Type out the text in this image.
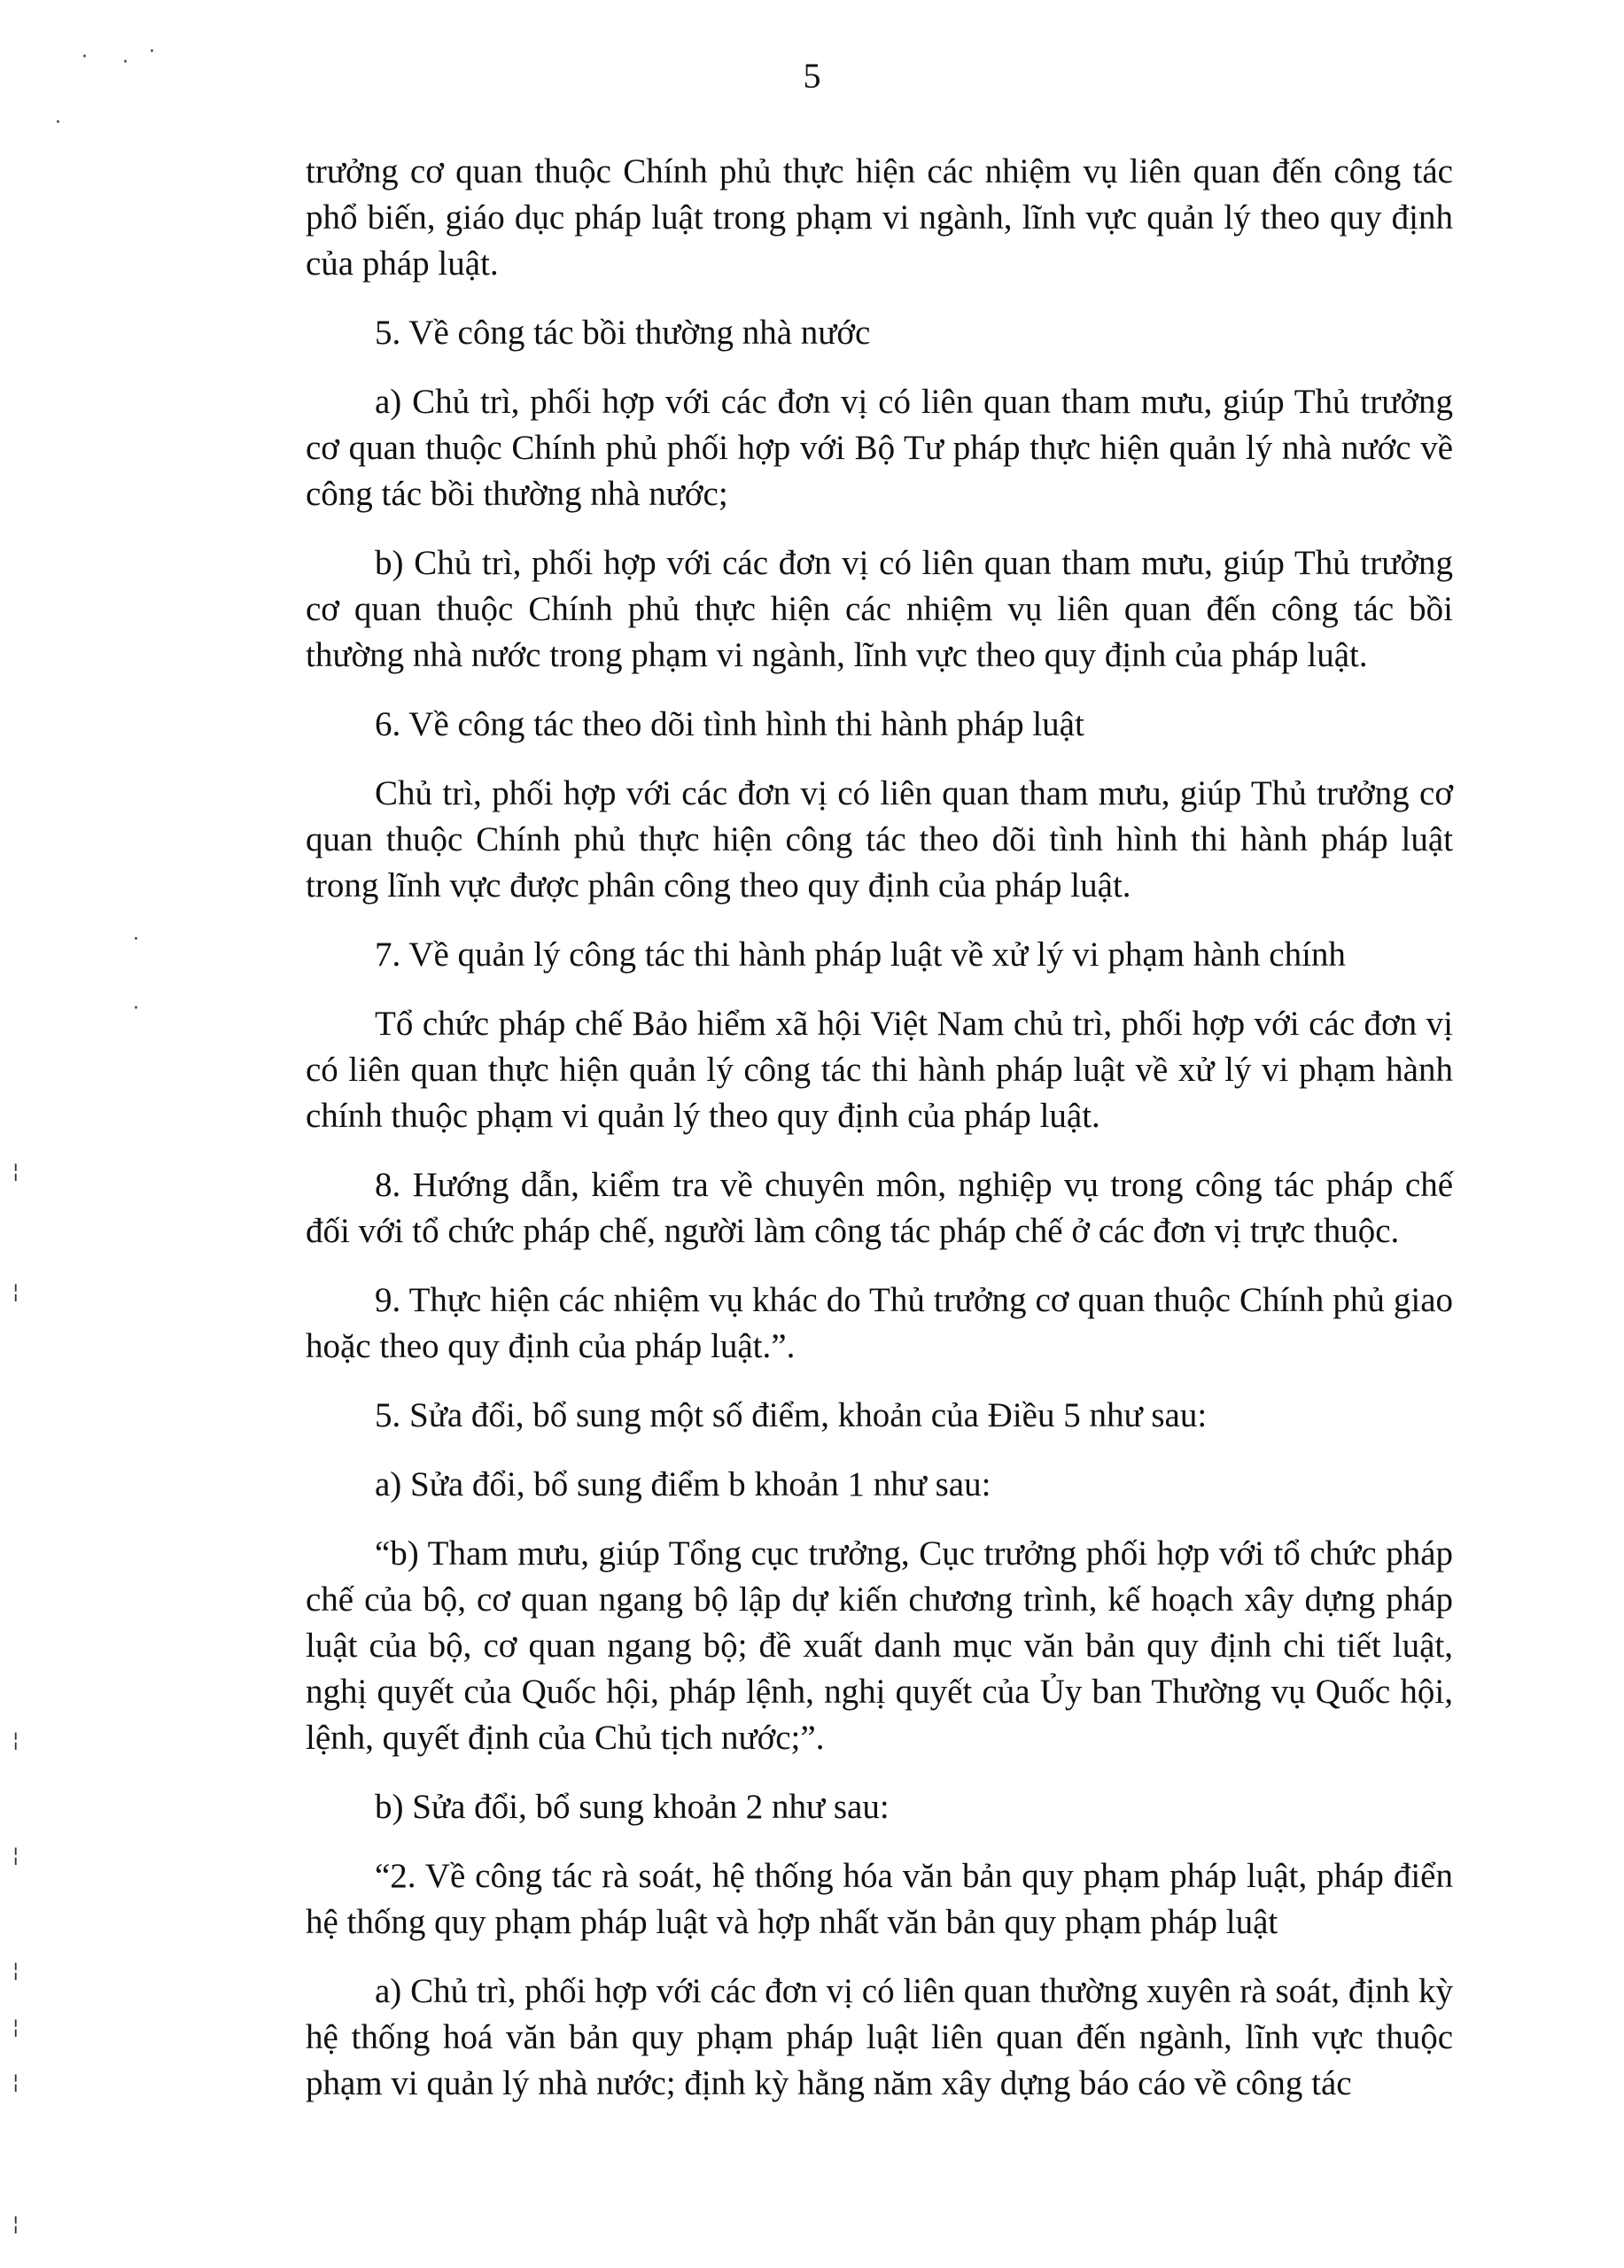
· · ·
·
·
·
¦
¦
¦
¦
¦
¦
¦
¦
5

trưởng cơ quan thuộc Chính phủ thực hiện các nhiệm vụ liên quan đến công tác phổ biến, giáo dục pháp luật trong phạm vi ngành, lĩnh vực quản lý theo quy định của pháp luật.

5. Về công tác bồi thường nhà nước

a) Chủ trì, phối hợp với các đơn vị có liên quan tham mưu, giúp Thủ trưởng cơ quan thuộc Chính phủ phối hợp với Bộ Tư pháp thực hiện quản lý nhà nước về công tác bồi thường nhà nước;

b) Chủ trì, phối hợp với các đơn vị có liên quan tham mưu, giúp Thủ trưởng cơ quan thuộc Chính phủ thực hiện các nhiệm vụ liên quan đến công tác bồi thường nhà nước trong phạm vi ngành, lĩnh vực theo quy định của pháp luật.

6. Về công tác theo dõi tình hình thi hành pháp luật

Chủ trì, phối hợp với các đơn vị có liên quan tham mưu, giúp Thủ trưởng cơ quan thuộc Chính phủ thực hiện công tác theo dõi tình hình thi hành pháp luật trong lĩnh vực được phân công theo quy định của pháp luật.

7. Về quản lý công tác thi hành pháp luật về xử lý vi phạm hành chính

Tổ chức pháp chế Bảo hiểm xã hội Việt Nam chủ trì, phối hợp với các đơn vị có liên quan thực hiện quản lý công tác thi hành pháp luật về xử lý vi phạm hành chính thuộc phạm vi quản lý theo quy định của pháp luật.

8. Hướng dẫn, kiểm tra về chuyên môn, nghiệp vụ trong công tác pháp chế đối với tổ chức pháp chế, người làm công tác pháp chế ở các đơn vị trực thuộc.

9. Thực hiện các nhiệm vụ khác do Thủ trưởng cơ quan thuộc Chính phủ giao hoặc theo quy định của pháp luật.”.

5. Sửa đổi, bổ sung một số điểm, khoản của Điều 5 như sau:

a) Sửa đổi, bổ sung điểm b khoản 1 như sau:

“b) Tham mưu, giúp Tổng cục trưởng, Cục trưởng phối hợp với tổ chức pháp chế của bộ, cơ quan ngang bộ lập dự kiến chương trình, kế hoạch xây dựng pháp luật của bộ, cơ quan ngang bộ; đề xuất danh mục văn bản quy định chi tiết luật, nghị quyết của Quốc hội, pháp lệnh, nghị quyết của Ủy ban Thường vụ Quốc hội, lệnh, quyết định của Chủ tịch nước;”.

b) Sửa đổi, bổ sung khoản 2 như sau:

“2. Về công tác rà soát, hệ thống hóa văn bản quy phạm pháp luật, pháp điển hệ thống quy phạm pháp luật và hợp nhất văn bản quy phạm pháp luật

a) Chủ trì, phối hợp với các đơn vị có liên quan thường xuyên rà soát, định kỳ hệ thống hoá văn bản quy phạm pháp luật liên quan đến ngành, lĩnh vực thuộc phạm vi quản lý nhà nước; định kỳ hằng năm xây dựng báo cáo về công tác
